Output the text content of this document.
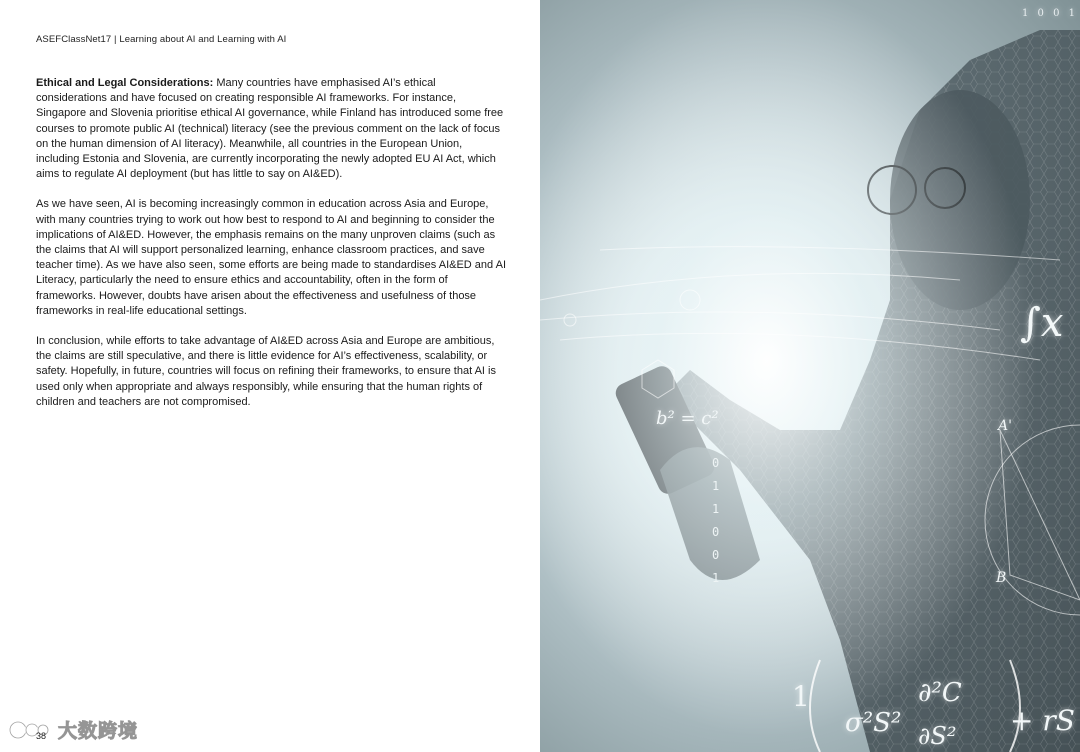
ASEFClassNet17 | Learning about AI and Learning with AI

Ethical and Legal Considerations: Many countries have emphasised AI’s ethical considerations and have focused on creating responsible AI frameworks. For instance, Singapore and Slovenia prioritise ethical AI governance, while Finland has introduced some free courses to promote public AI (technical) literacy (see the previous comment on the lack of focus on the human dimension of AI literacy). Meanwhile, all countries in the European Union, including Estonia and Slovenia, are currently incorporating the newly adopted EU AI Act, which aims to regulate AI deployment (but has little to say on AI&ED).

As we have seen, AI is becoming increasingly common in education across Asia and Europe, with many countries trying to work out how best to respond to AI and beginning to consider the implications of AI&ED. However, the emphasis remains on the many unproven claims (such as the claims that AI will support personalized learning, enhance classroom practices, and save teacher time). As we have also seen, some efforts are being made to standardises AI&ED and AI Literacy, particularly the need to ensure ethics and accountability, often in the form of frameworks. However, doubts have arisen about the effectiveness and usefulness of those frameworks in real-life educational settings.

In conclusion, while efforts to take advantage of AI&ED across Asia and Europe are ambitious, the claims are still speculative, and there is little evidence for AI’s effectiveness, scalability, or safety. Hopefully, in future, countries will focus on refining their frameworks, to ensure that AI is used only when appropriate and always responsibly, while ensuring that the human rights of children and teachers are not compromised.

大数跨境
38
1 0 0 1
∫x
b² = c²	A'
B
1
σ²S²
∂²C
∂S² + rS
0
1
1
0
0
1
